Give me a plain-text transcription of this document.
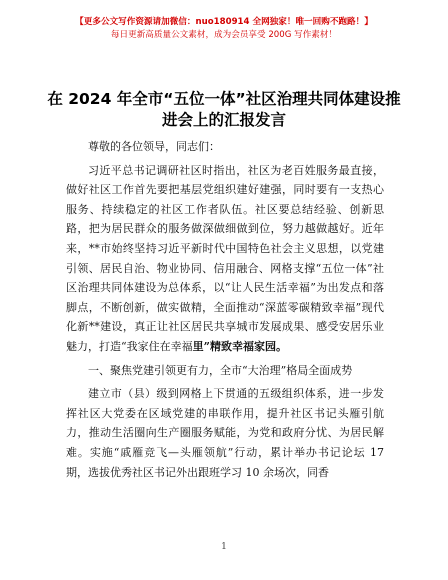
【更多公文写作资源请加微信：nuo180914 全网独家！唯一回购不跑路！】
每日更新高质量公文素材，成为会员享受 200G 写作素材！
在 2024 年全市“五位一体”社区治理共同体建设推进会上的汇报发言

尊敬的各位领导，同志们：

习近平总书记调研社区时指出，社区为老百姓服务最直接，做好社区工作首先要把基层党组织建好建强，同时要有一支热心服务、持续稳定的社区工作者队伍。社区要总结经验、创新思路，把为居民群众的服务做深做细做到位，努力越做越好。近年来，**市始终坚持习近平新时代中国特色社会主义思想，以党建引领、居民自治、物业协同、信用融合、网格支撑“五位一体”社区治理共同体建设为总体系，以“让人民生活幸福”为出发点和落脚点，不断创新，做实做精，全面推动“深蓝零碳精致幸福”现代化新**建设，真正让社区居民共享城市发展成果、感受安居乐业魅力，打造“我家住在幸福里”精致幸福家园。

一、聚焦党建引领更有力，全市“大治理”格局全面成势

建立市（县）级到网格上下贯通的五级组织体系，进一步发挥社区大党委在区域党建的串联作用，提升社区书记头雁引航力，推动生活圈向生产圈服务赋能，为党和政府分忧、为居民解难。实施“戚雁竞飞—头雁领航”行动，累计举办书记论坛 17 期，选拔优秀社区书记外出跟班学习 10 余场次，同香

1
